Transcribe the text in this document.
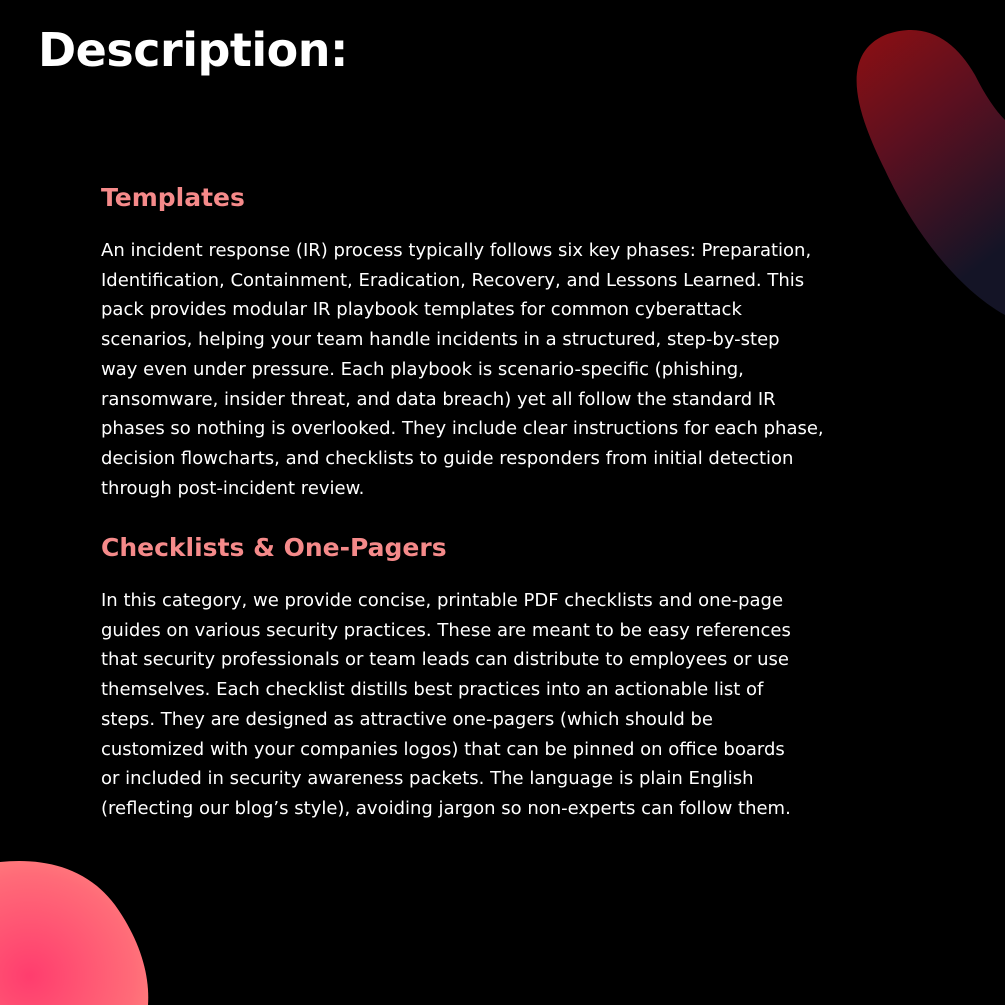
Description:
Templates

An incident response (IR) process typically follows six key phases: Preparation,
Identification, Containment, Eradication, Recovery, and Lessons Learned. This
pack provides modular IR playbook templates for common cyberattack
scenarios, helping your team handle incidents in a structured, step-by-step
way even under pressure. Each playbook is scenario-specific (phishing,
ransomware, insider threat, and data breach) yet all follow the standard IR
phases so nothing is overlooked. They include clear instructions for each phase,
decision flowcharts, and checklists to guide responders from initial detection
through post-incident review.

Checklists & One-Pagers

In this category, we provide concise, printable PDF checklists and one-page
guides on various security practices. These are meant to be easy references
that security professionals or team leads can distribute to employees or use
themselves. Each checklist distills best practices into an actionable list of
steps. They are designed as attractive one-pagers (which should be
customized with your companies logos) that can be pinned on office boards
or included in security awareness packets. The language is plain English
(reflecting our blog’s style), avoiding jargon so non-experts can follow them.
